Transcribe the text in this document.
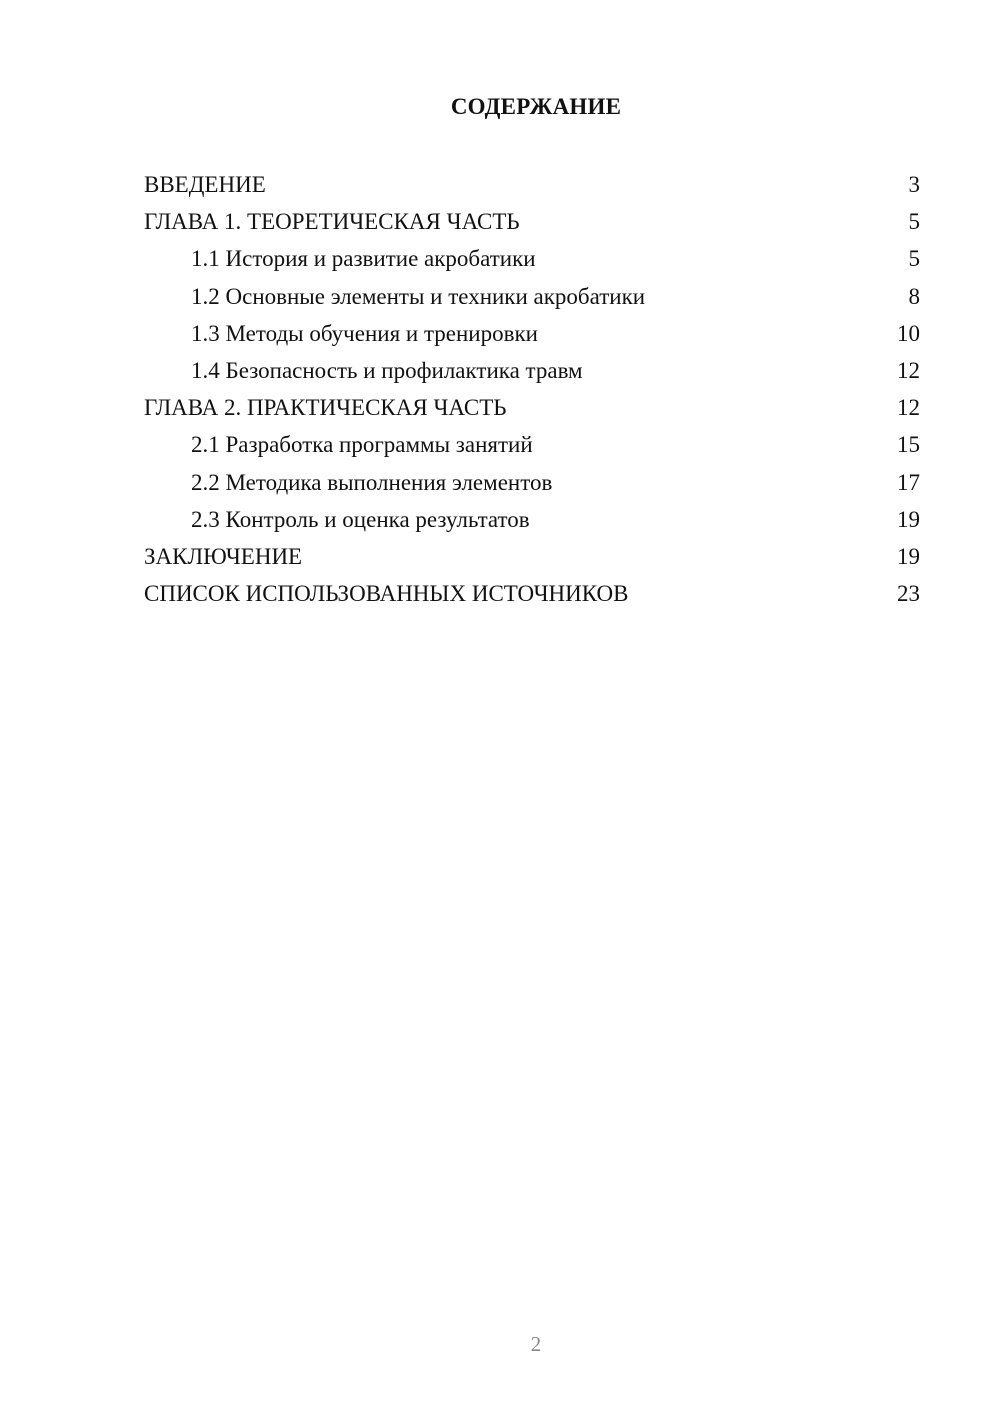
СОДЕРЖАНИЕ
ВВЕДЕНИЕ	3
ГЛАВА 1. ТЕОРЕТИЧЕСКАЯ ЧАСТЬ	5
1.1 История и развитие акробатики	5
1.2 Основные элементы и техники акробатики	8
1.3 Методы обучения и тренировки	10
1.4 Безопасность и профилактика травм	12
ГЛАВА 2. ПРАКТИЧЕСКАЯ ЧАСТЬ	12
2.1 Разработка программы занятий	15
2.2 Методика выполнения элементов	17
2.3 Контроль и оценка результатов	19
ЗАКЛЮЧЕНИЕ	19
СПИСОК ИСПОЛЬЗОВАННЫХ ИСТОЧНИКОВ	23
2
